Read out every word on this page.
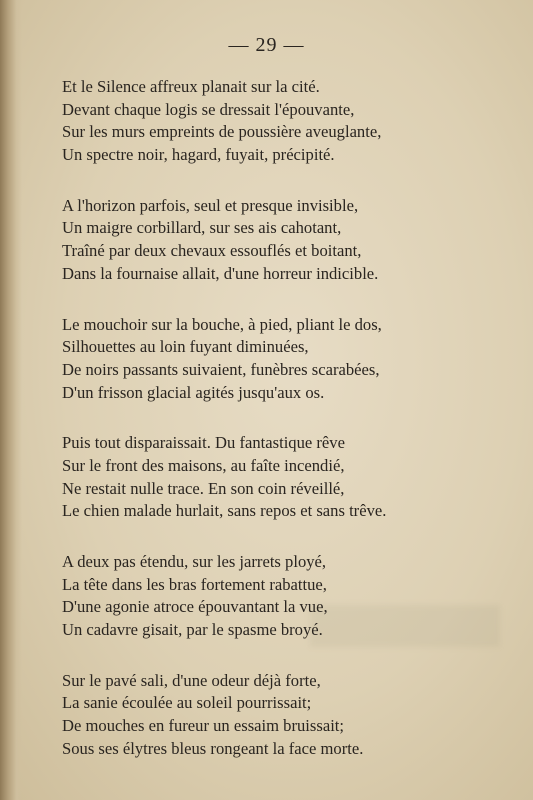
— 29 —
Et le Silence affreux planait sur la cité.
Devant chaque logis se dressait l'épouvante,
Sur les murs empreints de poussière aveuglante,
Un spectre noir, hagard, fuyait, précipité.
A l'horizon parfois, seul et presque invisible,
Un maigre corbillard, sur ses ais cahotant,
Traîné par deux chevaux essouflés et boitant,
Dans la fournaise allait, d'une horreur indicible.
Le mouchoir sur la bouche, à pied, pliant le dos,
Silhouettes au loin fuyant diminuées,
De noirs passants suivaient, funèbres scarabées,
D'un frisson glacial agités jusqu'aux os.
Puis tout disparaissait. Du fantastique rêve
Sur le front des maisons, au faîte incendié,
Ne restait nulle trace. En son coin réveillé,
Le chien malade hurlait, sans repos et sans trêve.
A deux pas étendu, sur les jarrets ployé,
La tête dans les bras fortement rabattue,
D'une agonie atroce épouvantant la vue,
Un cadavre gisait, par le spasme broyé.
Sur le pavé sali, d'une odeur déjà forte,
La sanie écoulée au soleil pourrissait;
De mouches en fureur un essaim bruissait;
Sous ses élytres bleus rongeant la face morte.
